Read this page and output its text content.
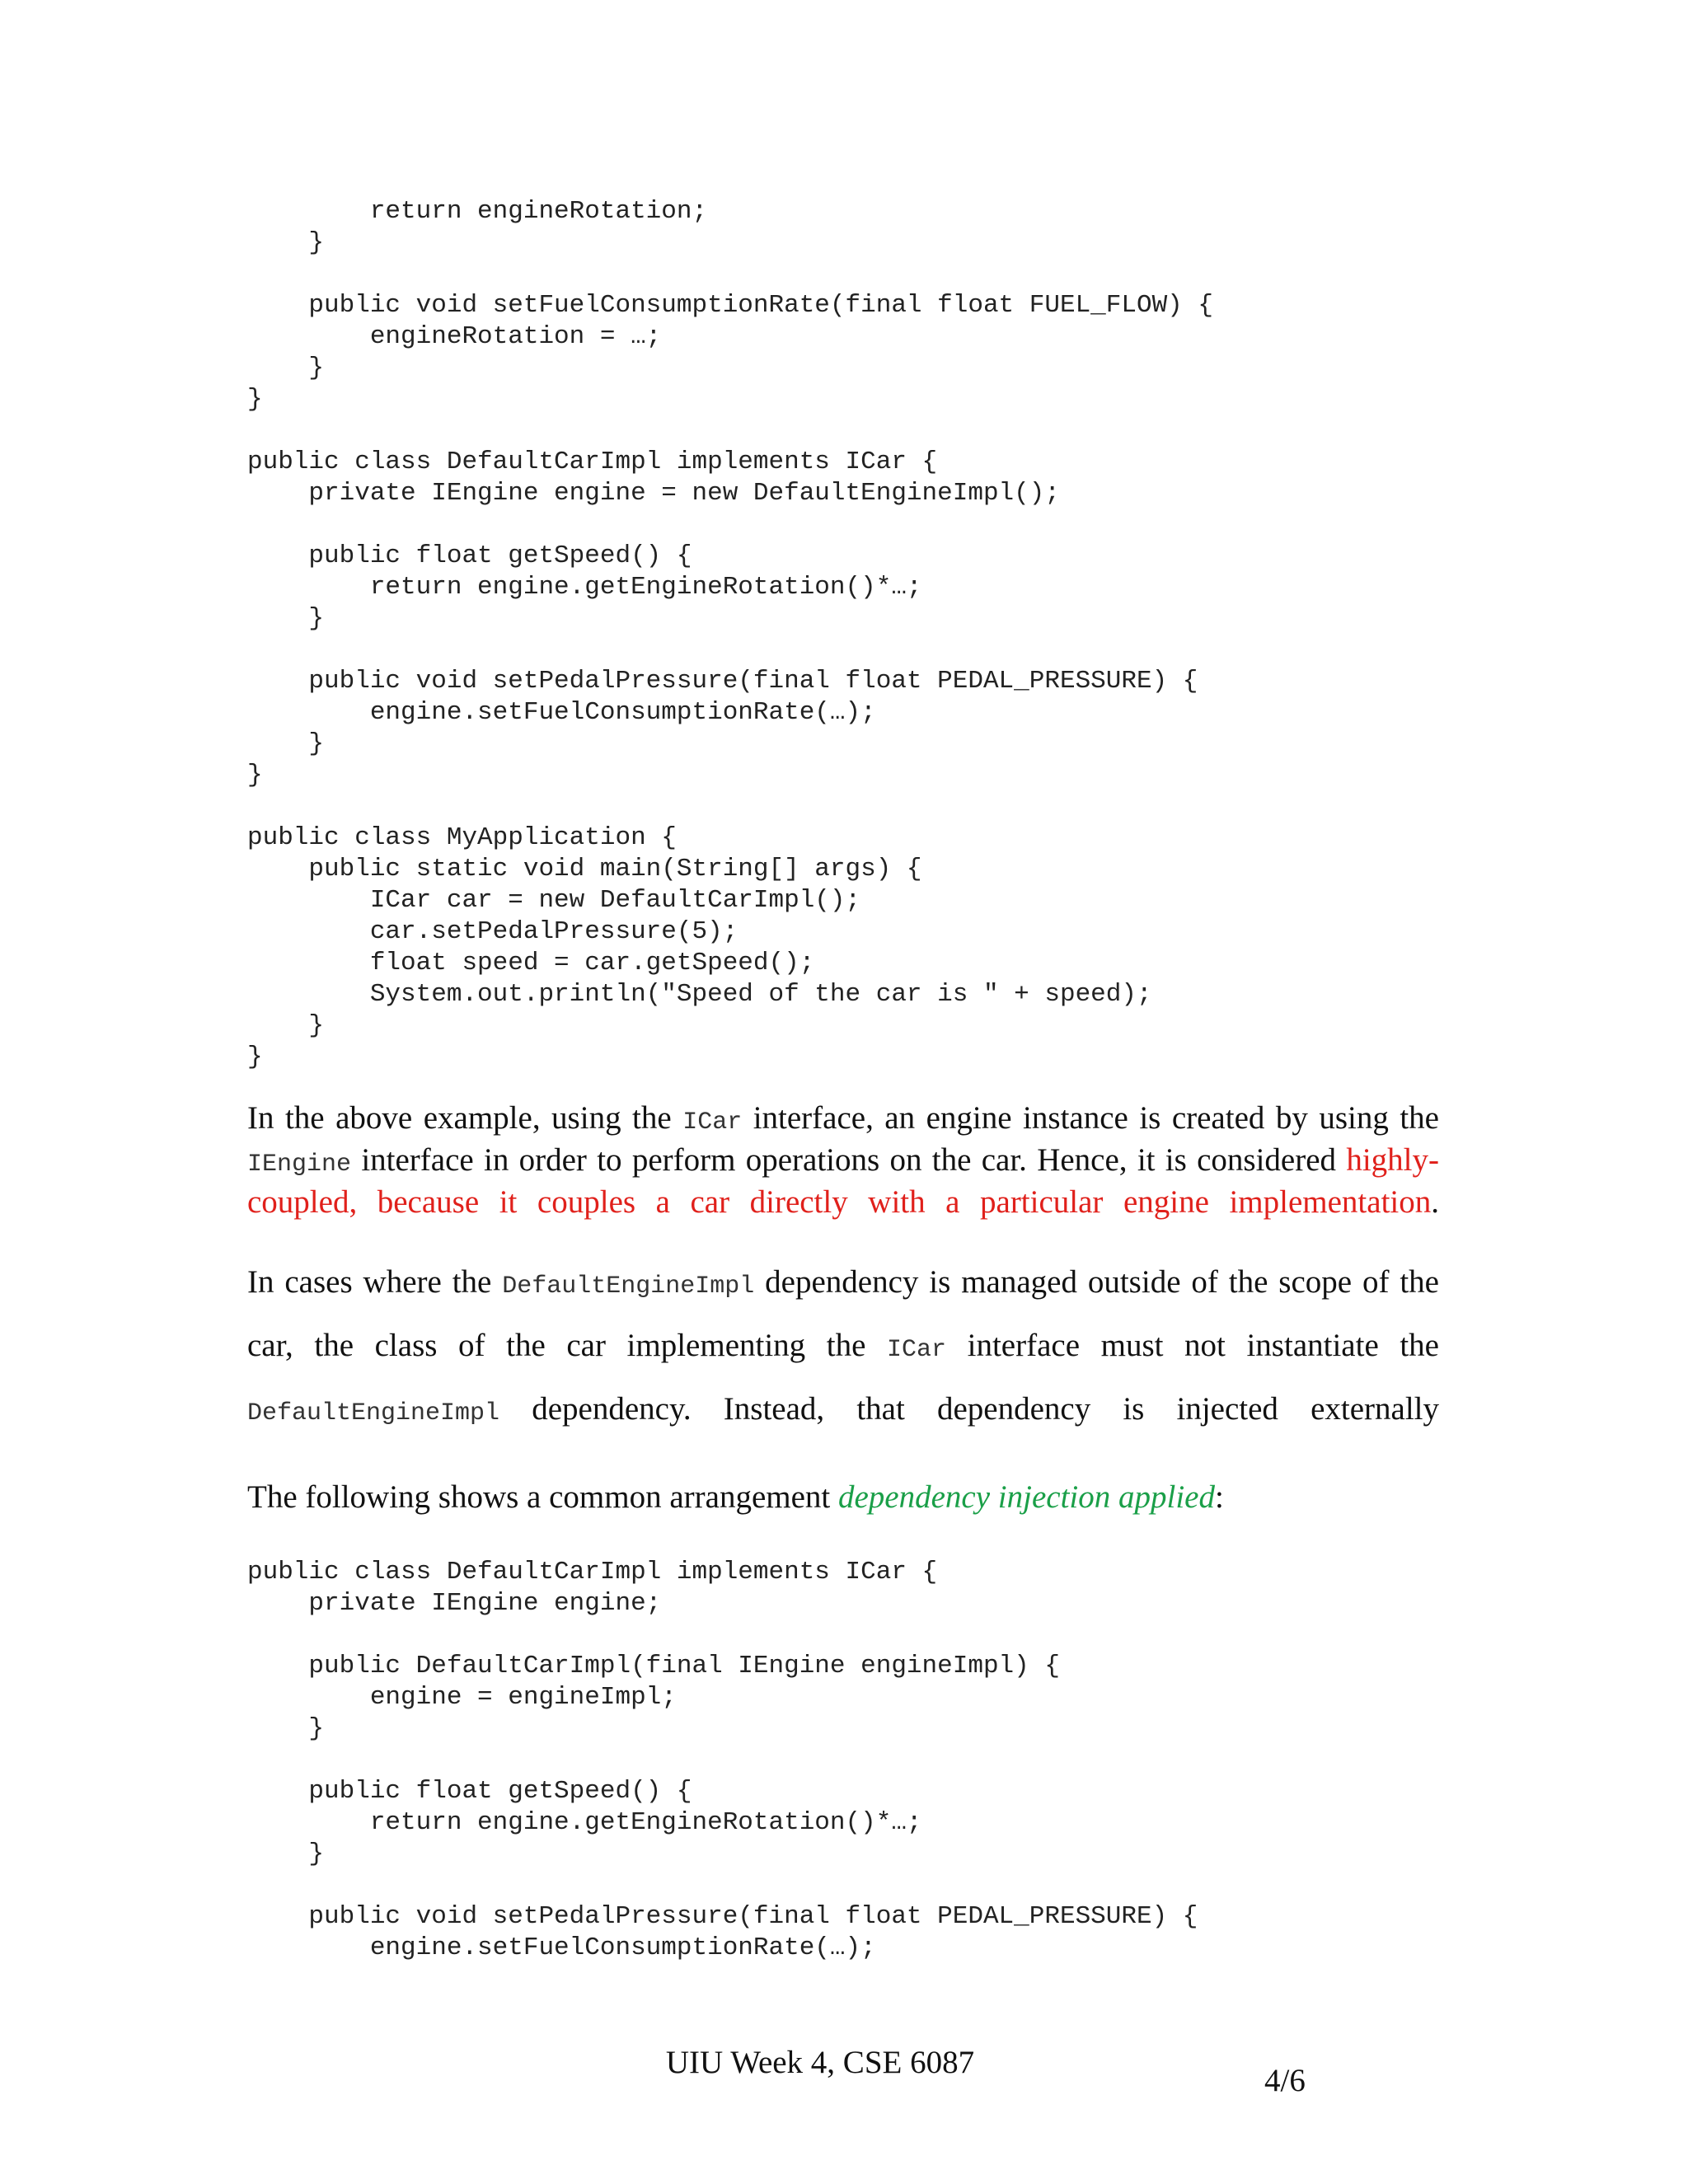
return engineRotation;
}
public void setFuelConsumptionRate(final float FUEL_FLOW) {
engineRotation = …;
}
}
public class DefaultCarImpl implements ICar {
private IEngine engine = new DefaultEngineImpl();
public float getSpeed() {
return engine.getEngineRotation()*…;
}
public void setPedalPressure(final float PEDAL_PRESSURE) {
engine.setFuelConsumptionRate(…);
}
}
public class MyApplication {
public static void main(String[] args) {
ICar car = new DefaultCarImpl();
car.setPedalPressure(5);
float speed = car.getSpeed();
System.out.println("Speed of the car is " + speed);
}
}
In the above example, using the ICar interface, an engine instance is created by using the IEngine interface in order to perform operations on the car. Hence, it is considered highly-coupled, because it couples a car directly with a particular engine implementation.
In cases where the DefaultEngineImpl dependency is managed outside of the scope of the car, the class of the car implementing the ICar interface must not instantiate the DefaultEngineImpl dependency. Instead, that dependency is injected externally
The following shows a common arrangement dependency injection applied:
public class DefaultCarImpl implements ICar {
private IEngine engine;
public DefaultCarImpl(final IEngine engineImpl) {
engine = engineImpl;
}
public float getSpeed() {
return engine.getEngineRotation()*…;
}
public void setPedalPressure(final float PEDAL_PRESSURE) {
engine.setFuelConsumptionRate(…);
UIU Week 4, CSE 6087
4/6
